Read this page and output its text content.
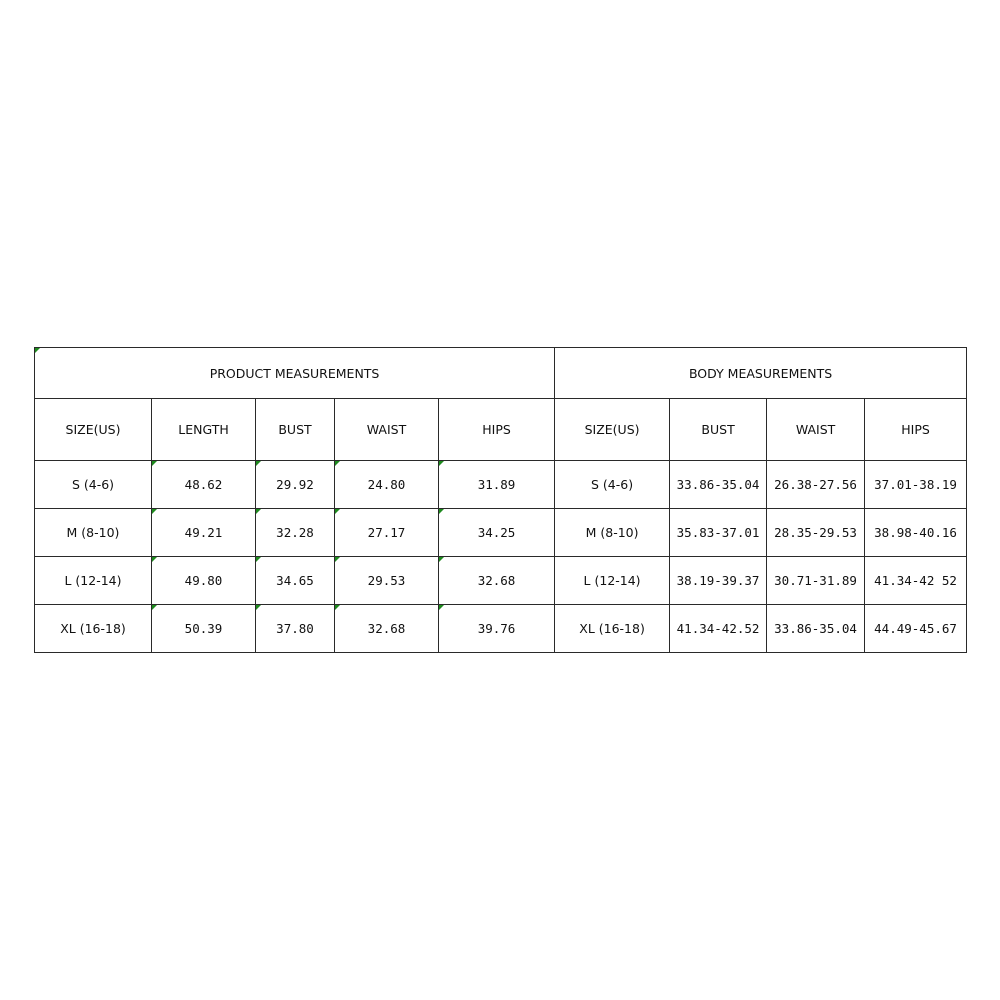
PRODUCT MEASUREMENTS					BODY MEASUREMENTS			
SIZE(US)	LENGTH	BUST	WAIST	HIPS	SIZE(US)	BUST	WAIST	HIPS
S (4-6)	48.62	29.92	24.80	31.89	S (4-6)	33.86-35.04	26.38-27.56	37.01-38.19
M (8-10)	49.21	32.28	27.17	34.25	M (8-10)	35.83-37.01	28.35-29.53	38.98-40.16
L (12-14)	49.80	34.65	29.53	32.68	L (12-14)	38.19-39.37	30.71-31.89	41.34-42 52
XL (16-18)	50.39	37.80	32.68	39.76	XL (16-18)	41.34-42.52	33.86-35.04	44.49-45.67
